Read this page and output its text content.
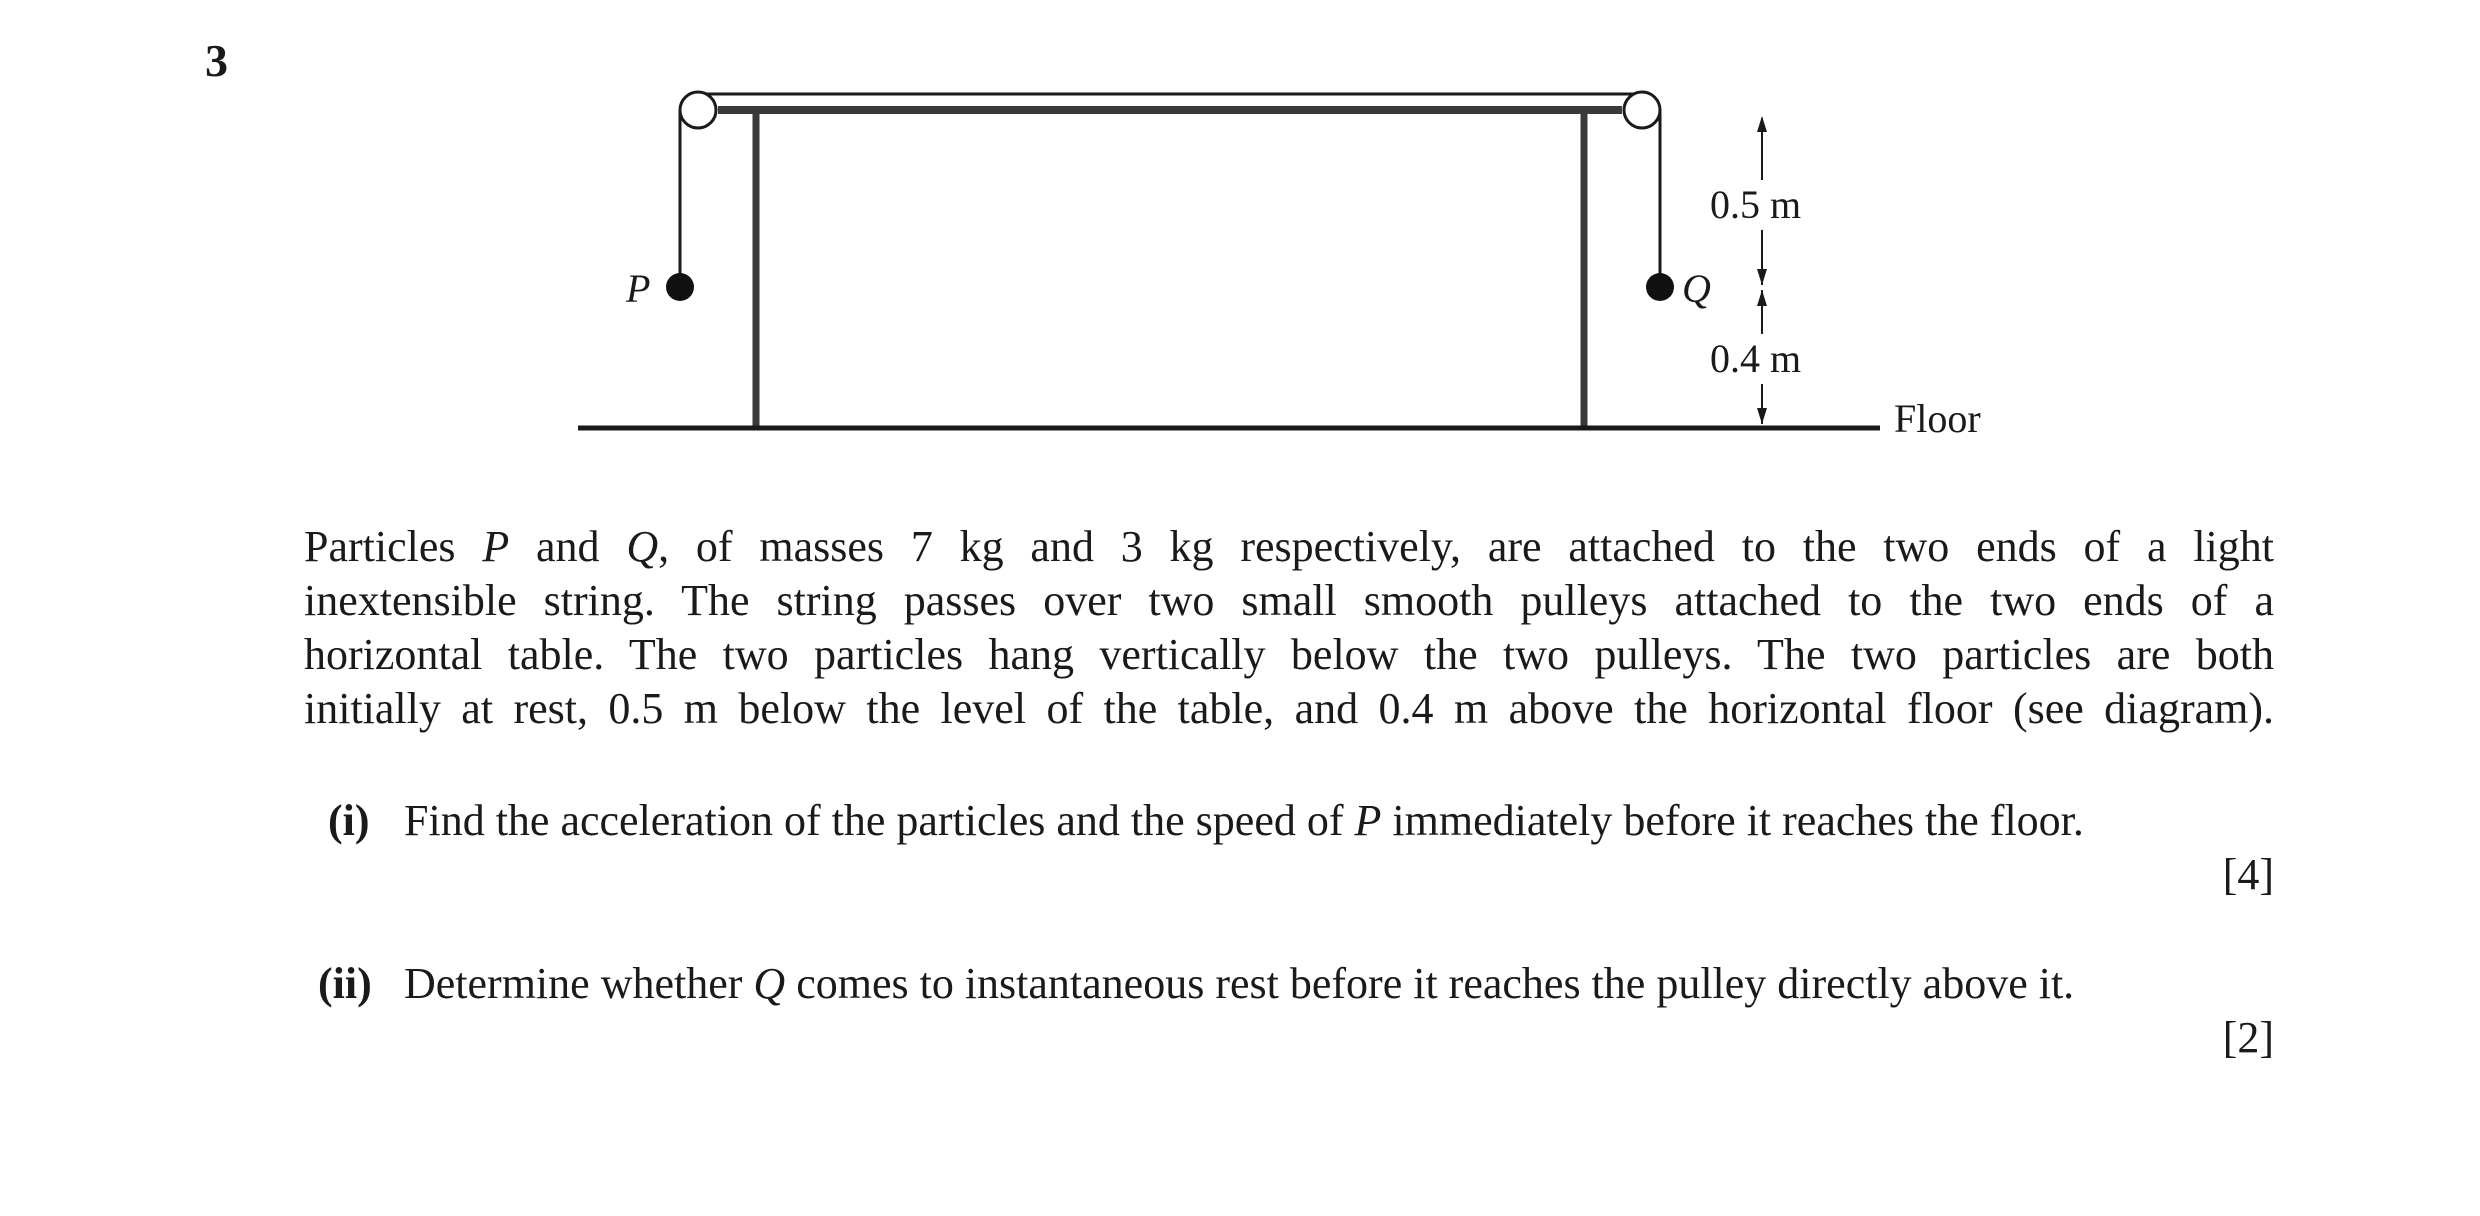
3
P	Q
0.5 m
0.4 m
Floor
Particles P and Q, of masses 7 kg and 3 kg respectively, are attached to the two ends of a light
inextensible string. The string passes over two small smooth pulleys attached to the two ends of a
horizontal table. The two particles hang vertically below the two pulleys. The two particles are both
initially at rest, 0.5 m below the level of the table, and 0.4 m above the horizontal floor (see diagram).
(i) Find the acceleration of the particles and the speed of P immediately before it reaches the floor.
[4]
(ii) Determine whether Q comes to instantaneous rest before it reaches the pulley directly above it.
[2]
